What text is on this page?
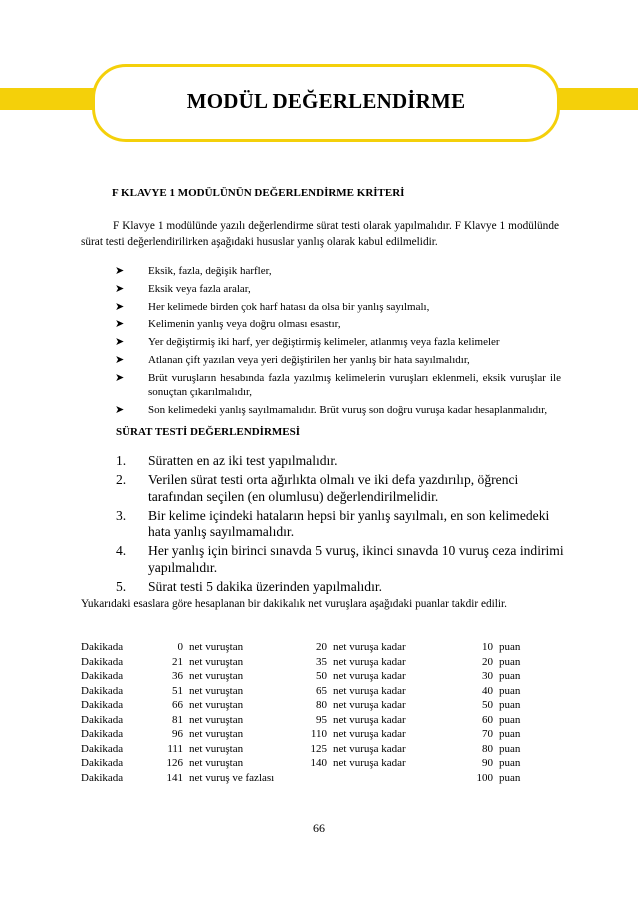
MODÜL DEĞERLENDİRME
F KLAVYE 1 MODÜLÜNÜN DEĞERLENDİRME KRİTERİ
F Klavye 1 modülünde yazılı değerlendirme sürat testi olarak yapılmalıdır. F Klavye 1 modülünde sürat testi değerlendirilirken aşağıdaki hususlar yanlış olarak kabul edilmelidir.
➤ Eksik, fazla, değişik harfler,
➤ Eksik veya fazla aralar,
➤ Her kelimede birden çok harf hatası da olsa bir yanlış sayılmalı,
➤ Kelimenin yanlış veya doğru olması esastır,
➤ Yer değiştirmiş iki harf, yer değiştirmiş kelimeler, atlanmış veya fazla kelimeler
➤ Atlanan çift yazılan veya yeri değiştirilen her yanlış bir hata sayılmalıdır,
➤ Brüt vuruşların hesabında fazla yazılmış kelimelerin vuruşları eklenmeli, eksik vuruşlar ile sonuçtan çıkarılmalıdır,
➤ Son kelimedeki yanlış sayılmamalıdır. Brüt vuruş son doğru vuruşa kadar hesaplanmalıdır,
SÜRAT TESTİ DEĞERLENDİRMESİ
1. Süratten en az iki test yapılmalıdır.
2. Verilen sürat testi orta ağırlıkta olmalı ve iki defa yazdırılıp, öğrenci tarafından seçilen (en olumlusu) değerlendirilmelidir.
3. Bir kelime içindeki hataların hepsi bir yanlış sayılmalı, en son kelimedeki hata yanlış sayılmamalıdır.
4. Her yanlış için birinci sınavda 5 vuruş, ikinci sınavda 10 vuruş ceza indirimi yapılmalıdır.
5. Sürat testi 5 dakika üzerinden yapılmalıdır.
Yukarıdaki esaslara göre hesaplanan bir dakikalık net vuruşlara aşağıdaki puanlar takdir edilir.
Dakikada	0	net vuruştan	20	net vuruşa kadar	10	puan
Dakikada	21	net vuruştan	35	net vuruşa kadar	20	puan
Dakikada	36	net vuruştan	50	net vuruşa kadar	30	puan
Dakikada	51	net vuruştan	65	net vuruşa kadar	40	puan
Dakikada	66	net vuruştan	80	net vuruşa kadar	50	puan
Dakikada	81	net vuruştan	95	net vuruşa kadar	60	puan
Dakikada	96	net vuruştan	110	net vuruşa kadar	70	puan
Dakikada	111	net vuruştan	125	net vuruşa kadar	80	puan
Dakikada	126	net vuruştan	140	net vuruşa kadar	90	puan
Dakikada	141	net vuruş ve fazlası			100	puan
66
